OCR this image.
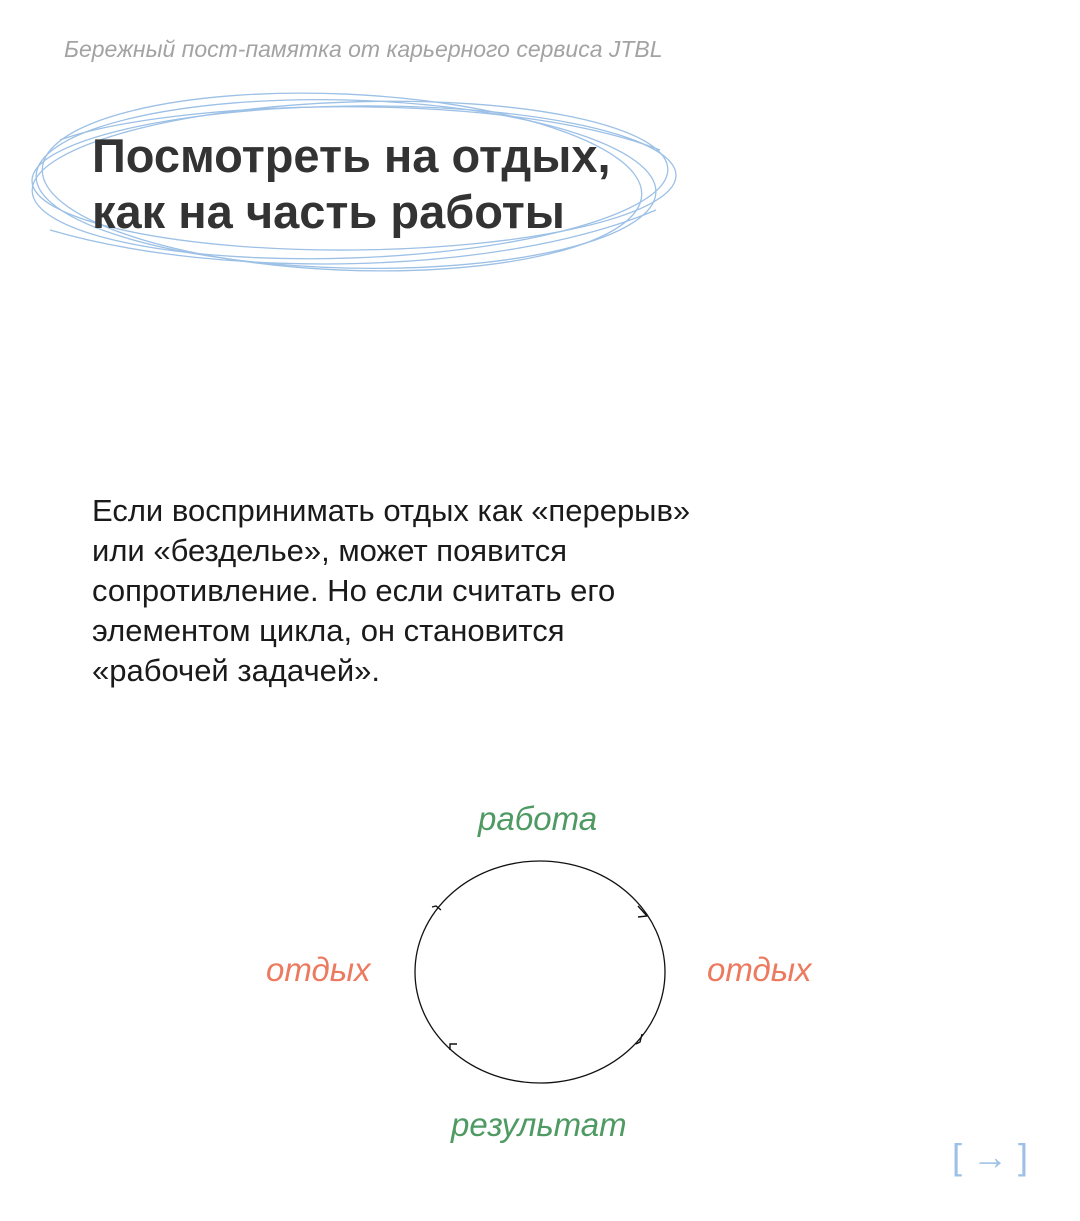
Бережный пост-памятка от карьерного сервиса JTBL
Посмотреть на отдых,
как на часть работы

Если воспринимать отдых как «перерыв»
или «безделье», может появится
сопротивление. Но если считать его
элементом цикла, он становится
«рабочей задачей».

работа
отдых	отдых
результат
[ → ]
